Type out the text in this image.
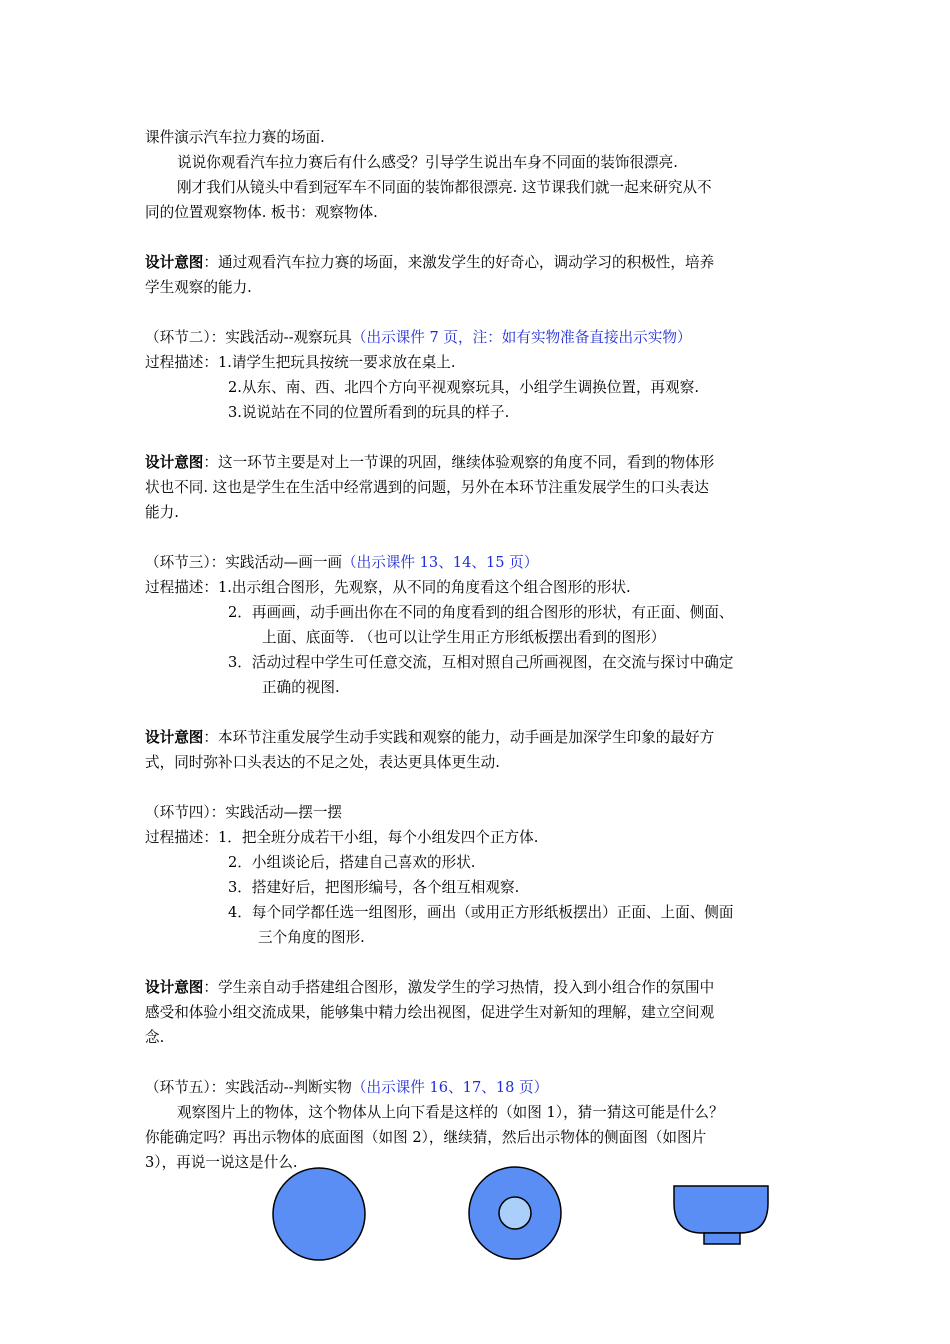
课件演示汽车拉力赛的场面.
说说你观看汽车拉力赛后有什么感受？引导学生说出车身不同面的装饰很漂亮.
刚才我们从镜头中看到冠军车不同面的装饰都很漂亮. 这节课我们就一起来研究从不
同的位置观察物体. 板书：观察物体.
设计意图：通过观看汽车拉力赛的场面，来激发学生的好奇心，调动学习的积极性，培养
学生观察的能力.
（环节二）：实践活动--观察玩具（出示课件 7 页，注：如有实物准备直接出示实物）
过程描述：1.请学生把玩具按统一要求放在桌上.
2.从东、南、西、北四个方向平视观察玩具，小组学生调换位置，再观察.
3.说说站在不同的位置所看到的玩具的样子.
设计意图：这一环节主要是对上一节课的巩固，继续体验观察的角度不同，看到的物体形
状也不同. 这也是学生在生活中经常遇到的问题，另外在本环节注重发展学生的口头表达
能力.
（环节三）：实践活动—画一画（出示课件 13、14、15 页）
过程描述：1.出示组合图形，先观察，从不同的角度看这个组合图形的形状.
2．再画画，动手画出你在不同的角度看到的组合图形的形状，有正面、侧面、
上面、底面等. （也可以让学生用正方形纸板摆出看到的图形）
3．活动过程中学生可任意交流，互相对照自己所画视图，在交流与探讨中确定
正确的视图.
设计意图：本环节注重发展学生动手实践和观察的能力，动手画是加深学生印象的最好方
式，同时弥补口头表达的不足之处，表达更具体更生动.
（环节四）：实践活动—摆一摆
过程描述：1．把全班分成若干小组，每个小组发四个正方体.
2．小组谈论后，搭建自己喜欢的形状.
3．搭建好后，把图形编号，各个组互相观察.
4．每个同学都任选一组图形，画出（或用正方形纸板摆出）正面、上面、侧面
三个角度的图形.
设计意图：学生亲自动手搭建组合图形，激发学生的学习热情，投入到小组合作的氛围中
感受和体验小组交流成果，能够集中精力绘出视图，促进学生对新知的理解，建立空间观
念.
（环节五）：实践活动--判断实物（出示课件 16、17、18 页）
观察图片上的物体，这个物体从上向下看是这样的（如图 1），猜一猜这可能是什么？
你能确定吗？再出示物体的底面图（如图 2），继续猜，然后出示物体的侧面图（如图片
3），再说一说这是什么.
